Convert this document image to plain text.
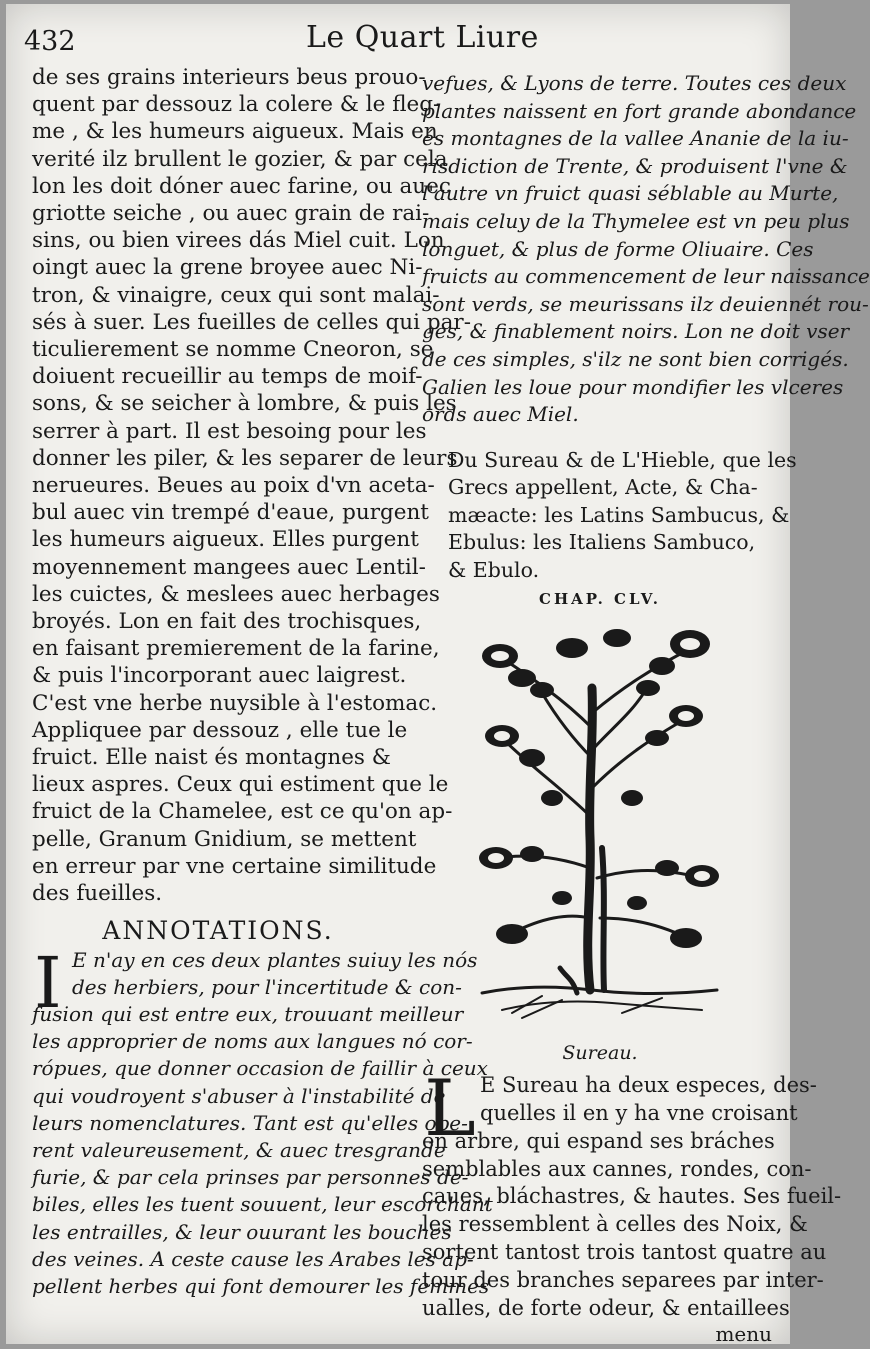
432	Le Quart Liure
de ses grains interieurs beus prouo-
quent par dessouz la colere & le fleg-
me , & les humeurs aigueux. Mais en
verité ilz brullent le gozier, & par cela
lon les doit dóner auec farine, ou auec
griotte seiche , ou auec grain de rai-
sins, ou bien virees dás Miel cuit. Lon
oingt auec la grene broyee auec Ni-
tron, & vinaigre, ceux qui sont malai-
sés à suer. Les fueilles de celles qui par-
ticulierement se nomme Cneoron, se
doiuent recueillir au temps de moif-
sons, & se seicher à lombre, & puis les
serrer à part. Il est besoing pour les
donner les piler, & les separer de leurs
nerueures. Beues au poix d'vn aceta-
bul auec vin trempé d'eaue, purgent
les humeurs aigueux. Elles purgent
moyennement mangees auec Lentil-
les cuictes, & meslees auec herbages
broyés. Lon en fait des trochisques,
en faisant premierement de la farine,
& puis l'incorporant auec laigrest.
C'est vne herbe nuysible à l'estomac.
Appliquee par dessouz , elle tue le
fruict. Elle naist és montagnes &
lieux aspres. Ceux qui estiment que le
fruict de la Chamelee, est ce qu'on ap-
pelle, Granum Gnidium, se mettent
en erreur par vne certaine similitude
des fueilles.
ANNOTATIONS.
I E n'ay en ces deux plantes suiuy les nós
des herbiers, pour l'incertitude & con-
fusion qui est entre eux, trouuant meilleur
les approprier de noms aux langues nó cor-
rópues, que donner occasion de faillir à ceux
qui voudroyent s'abuser à l'instabilité de
leurs nomenclatures. Tant est qu'elles ope-
rent valeureusement, & auec tresgrande
furie, & par cela prinses par personnes de-
biles, elles les tuent souuent, leur escorchant
les entrailles, & leur ouurant les bouches
des veines. A ceste cause les Arabes les ap-
pellent herbes qui font demourer les femmes
vefues, & Lyons de terre. Toutes ces deux
plantes naissent en fort grande abondance
és montagnes de la vallee Ananie de la iu-
risdiction de Trente, & produisent l'vne &
l'autre vn fruict quasi séblable au Murte,
mais celuy de la Thymelee est vn peu plus
longuet, & plus de forme Oliuaire. Ces
fruicts au commencement de leur naissance
sont verds, se meurissans ilz deuiennét rou-
ges, & finablement noirs. Lon ne doit vser
de ces simples, s'ilz ne sont bien corrigés.
Galien les loue pour mondifier les vlceres
ords auec Miel.
Du Sureau & de L'Hieble, que les
Grecs appellent, Acte, & Cha-
mæacte: les Latins Sambucus, &
Ebulus: les Italiens Sambuco,
& Ebulo.
CHAP. CLV.
Sureau.
L E Sureau ha deux especes, des-
quelles il en y ha vne croisant
en arbre, qui espand ses bráches
semblables aux cannes, rondes, con-
caues, bláchastres, & hautes. Ses fueil-
les ressemblent à celles des Noix, &
sortent tantost trois tantost quatre au
tour des branches separees par inter-
ualles, de forte odeur, & entaillees
menu
